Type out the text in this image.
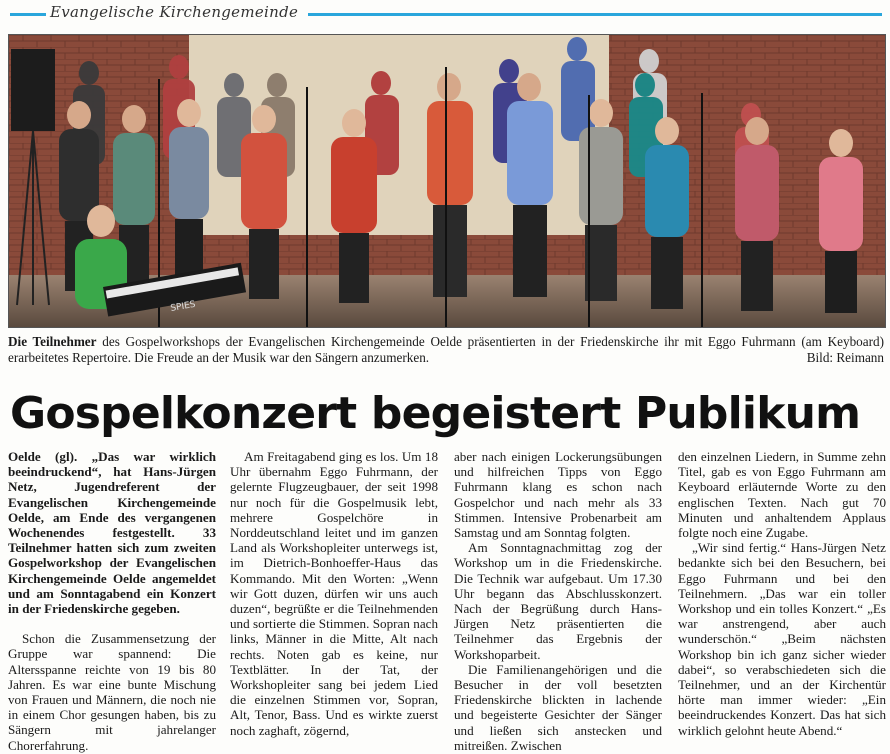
Evangelische Kirchengemeinde
SPIES
Die Teilnehmer des Gospelworkshops der Evangelischen Kirchengemeinde Oelde präsentierten in der Friedenskirche ihr mit Eggo Fuhrmann (am Keyboard) erarbeitetes Repertoire. Die Freude an der Musik war den Sängern anzumerken.	Bild: Reimann
Gospelkonzert begeistert Publikum

Oelde (gl). „Das war wirklich beeindruckend“, hat Hans-Jürgen Netz, Jugendreferent der Evangelischen Kirchengemeinde Oelde, am Ende des vergangenen Wochenendes festgestellt. 33 Teilnehmer hatten sich zum zweiten Gospelworkshop der Evangelischen Kirchengemeinde Oelde angemeldet und am Sonntagabend ein Konzert in der Friedenskirche gegeben.

Schon die Zusammensetzung der Gruppe war spannend: Die Altersspanne reichte von 19 bis 80 Jahren. Es war eine bunte Mischung von Frauen und Männern, die noch nie in einem Chor gesungen haben, bis zu Sängern mit jahrelanger Chorerfahrung.

Am Freitagabend ging es los. Um 18 Uhr übernahm Eggo Fuhrmann, der gelernte Flugzeugbauer, der seit 1998 nur noch für die Gospelmusik lebt, mehrere Gospelchöre in Norddeutschland leitet und im ganzen Land als Workshopleiter unterwegs ist, im Dietrich-Bonhoeffer-Haus das Kommando. Mit den Worten: „Wenn wir Gott duzen, dürfen wir uns auch duzen“, begrüßte er die Teilnehmenden und sortierte die Stimmen. Sopran nach links, Männer in die Mitte, Alt nach rechts. Noten gab es keine, nur Textblätter. In der Tat, der Workshopleiter sang bei jedem Lied die einzelnen Stimmen vor, Sopran, Alt, Tenor, Bass. Und es wirkte zuerst noch zaghaft, zögernd,

aber nach einigen Lockerungsübungen und hilfreichen Tipps von Eggo Fuhrmann klang es schon nach Gospelchor und nach mehr als 33 Stimmen. Intensive Probenarbeit am Samstag und am Sonntag folgten.

Am Sonntagnachmittag zog der Workshop um in die Friedenskirche. Die Technik war aufgebaut. Um 17.30 Uhr begann das Abschlusskonzert. Nach der Begrüßung durch Hans-Jürgen Netz präsentierten die Teilnehmer das Ergebnis der Workshoparbeit.

Die Familienangehörigen und die Besucher in der voll besetzten Friedenskirche blickten in lachende und begeisterte Gesichter der Sänger und ließen sich anstecken und mitreißen. Zwischen

den einzelnen Liedern, in Summe zehn Titel, gab es von Eggo Fuhrmann am Keyboard erläuternde Worte zu den englischen Texten. Nach gut 70 Minuten und anhaltendem Applaus folgte noch eine Zugabe.

„Wir sind fertig.“ Hans-Jürgen Netz bedankte sich bei den Besuchern, bei Eggo Fuhrmann und bei den Teilnehmern. „Das war ein toller Workshop und ein tolles Konzert.“ „Es war anstrengend, aber auch wunderschön.“ „Beim nächsten Workshop bin ich ganz sicher wieder dabei“, so verabschiedeten sich die Teilnehmer, und an der Kirchentür hörte man immer wieder: „Ein beeindruckendes Konzert. Das hat sich wirklich gelohnt heute Abend.“
